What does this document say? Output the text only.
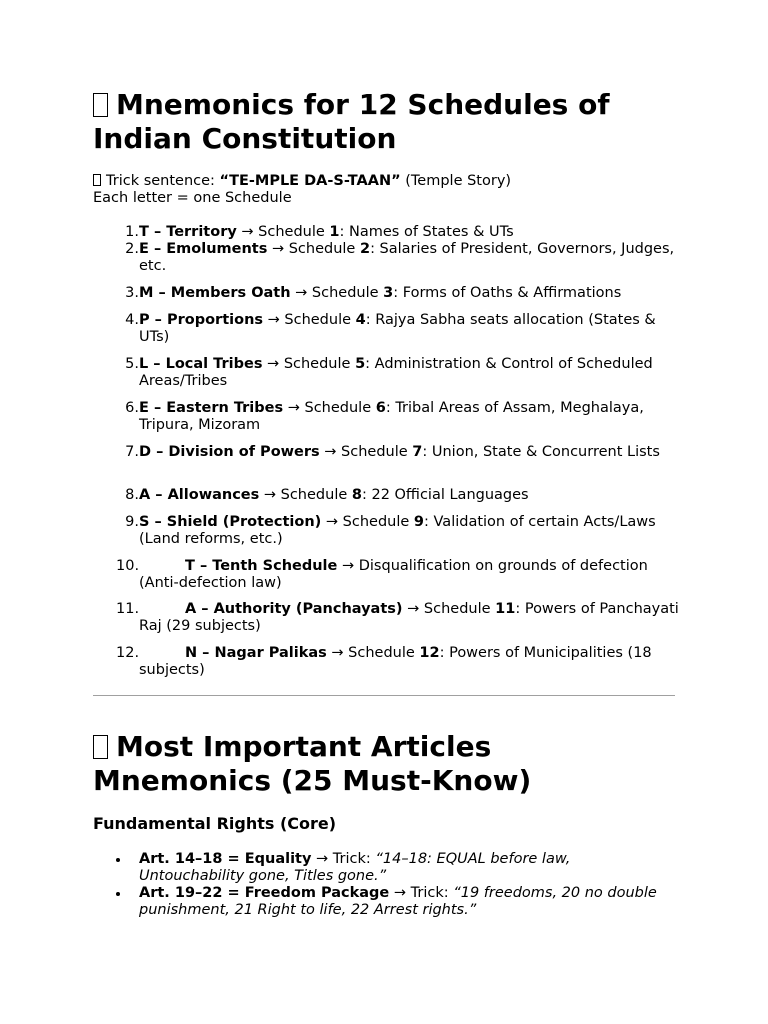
Mnemonics for 12 Schedules of
Indian Constitution
Trick sentence: “TE-MPLE DA-S-TAAN” (Temple Story)
Each letter = one Schedule
1. T – Territory → Schedule 1: Names of States & UTs
2. E – Emoluments → Schedule 2: Salaries of President, Governors, Judges, etc.
3. M – Members Oath → Schedule 3: Forms of Oaths & Affirmations
4. P – Proportions → Schedule 4: Rajya Sabha seats allocation (States & UTs)
5. L – Local Tribes → Schedule 5: Administration & Control of Scheduled Areas/Tribes
6. E – Eastern Tribes → Schedule 6: Tribal Areas of Assam, Meghalaya, Tripura, Mizoram
7. D – Division of Powers → Schedule 7: Union, State & Concurrent Lists
8. A – Allowances → Schedule 8: 22 Official Languages
9. S – Shield (Protection) → Schedule 9: Validation of certain Acts/Laws (Land reforms, etc.)
10.	T – Tenth Schedule → Disqualification on grounds of defection (Anti-defection law)
11.	A – Authority (Panchayats) → Schedule 11: Powers of Panchayati Raj (29 subjects)
12.	N – Nagar Palikas → Schedule 12: Powers of Municipalities (18 subjects)
Most Important Articles
Mnemonics (25 Must-Know)
Fundamental Rights (Core)
Art. 14–18 = Equality → Trick: “14–18: EQUAL before law, Untouchability gone, Titles gone.”
Art. 19–22 = Freedom Package → Trick: “19 freedoms, 20 no double punishment, 21 Right to life, 22 Arrest rights.”
